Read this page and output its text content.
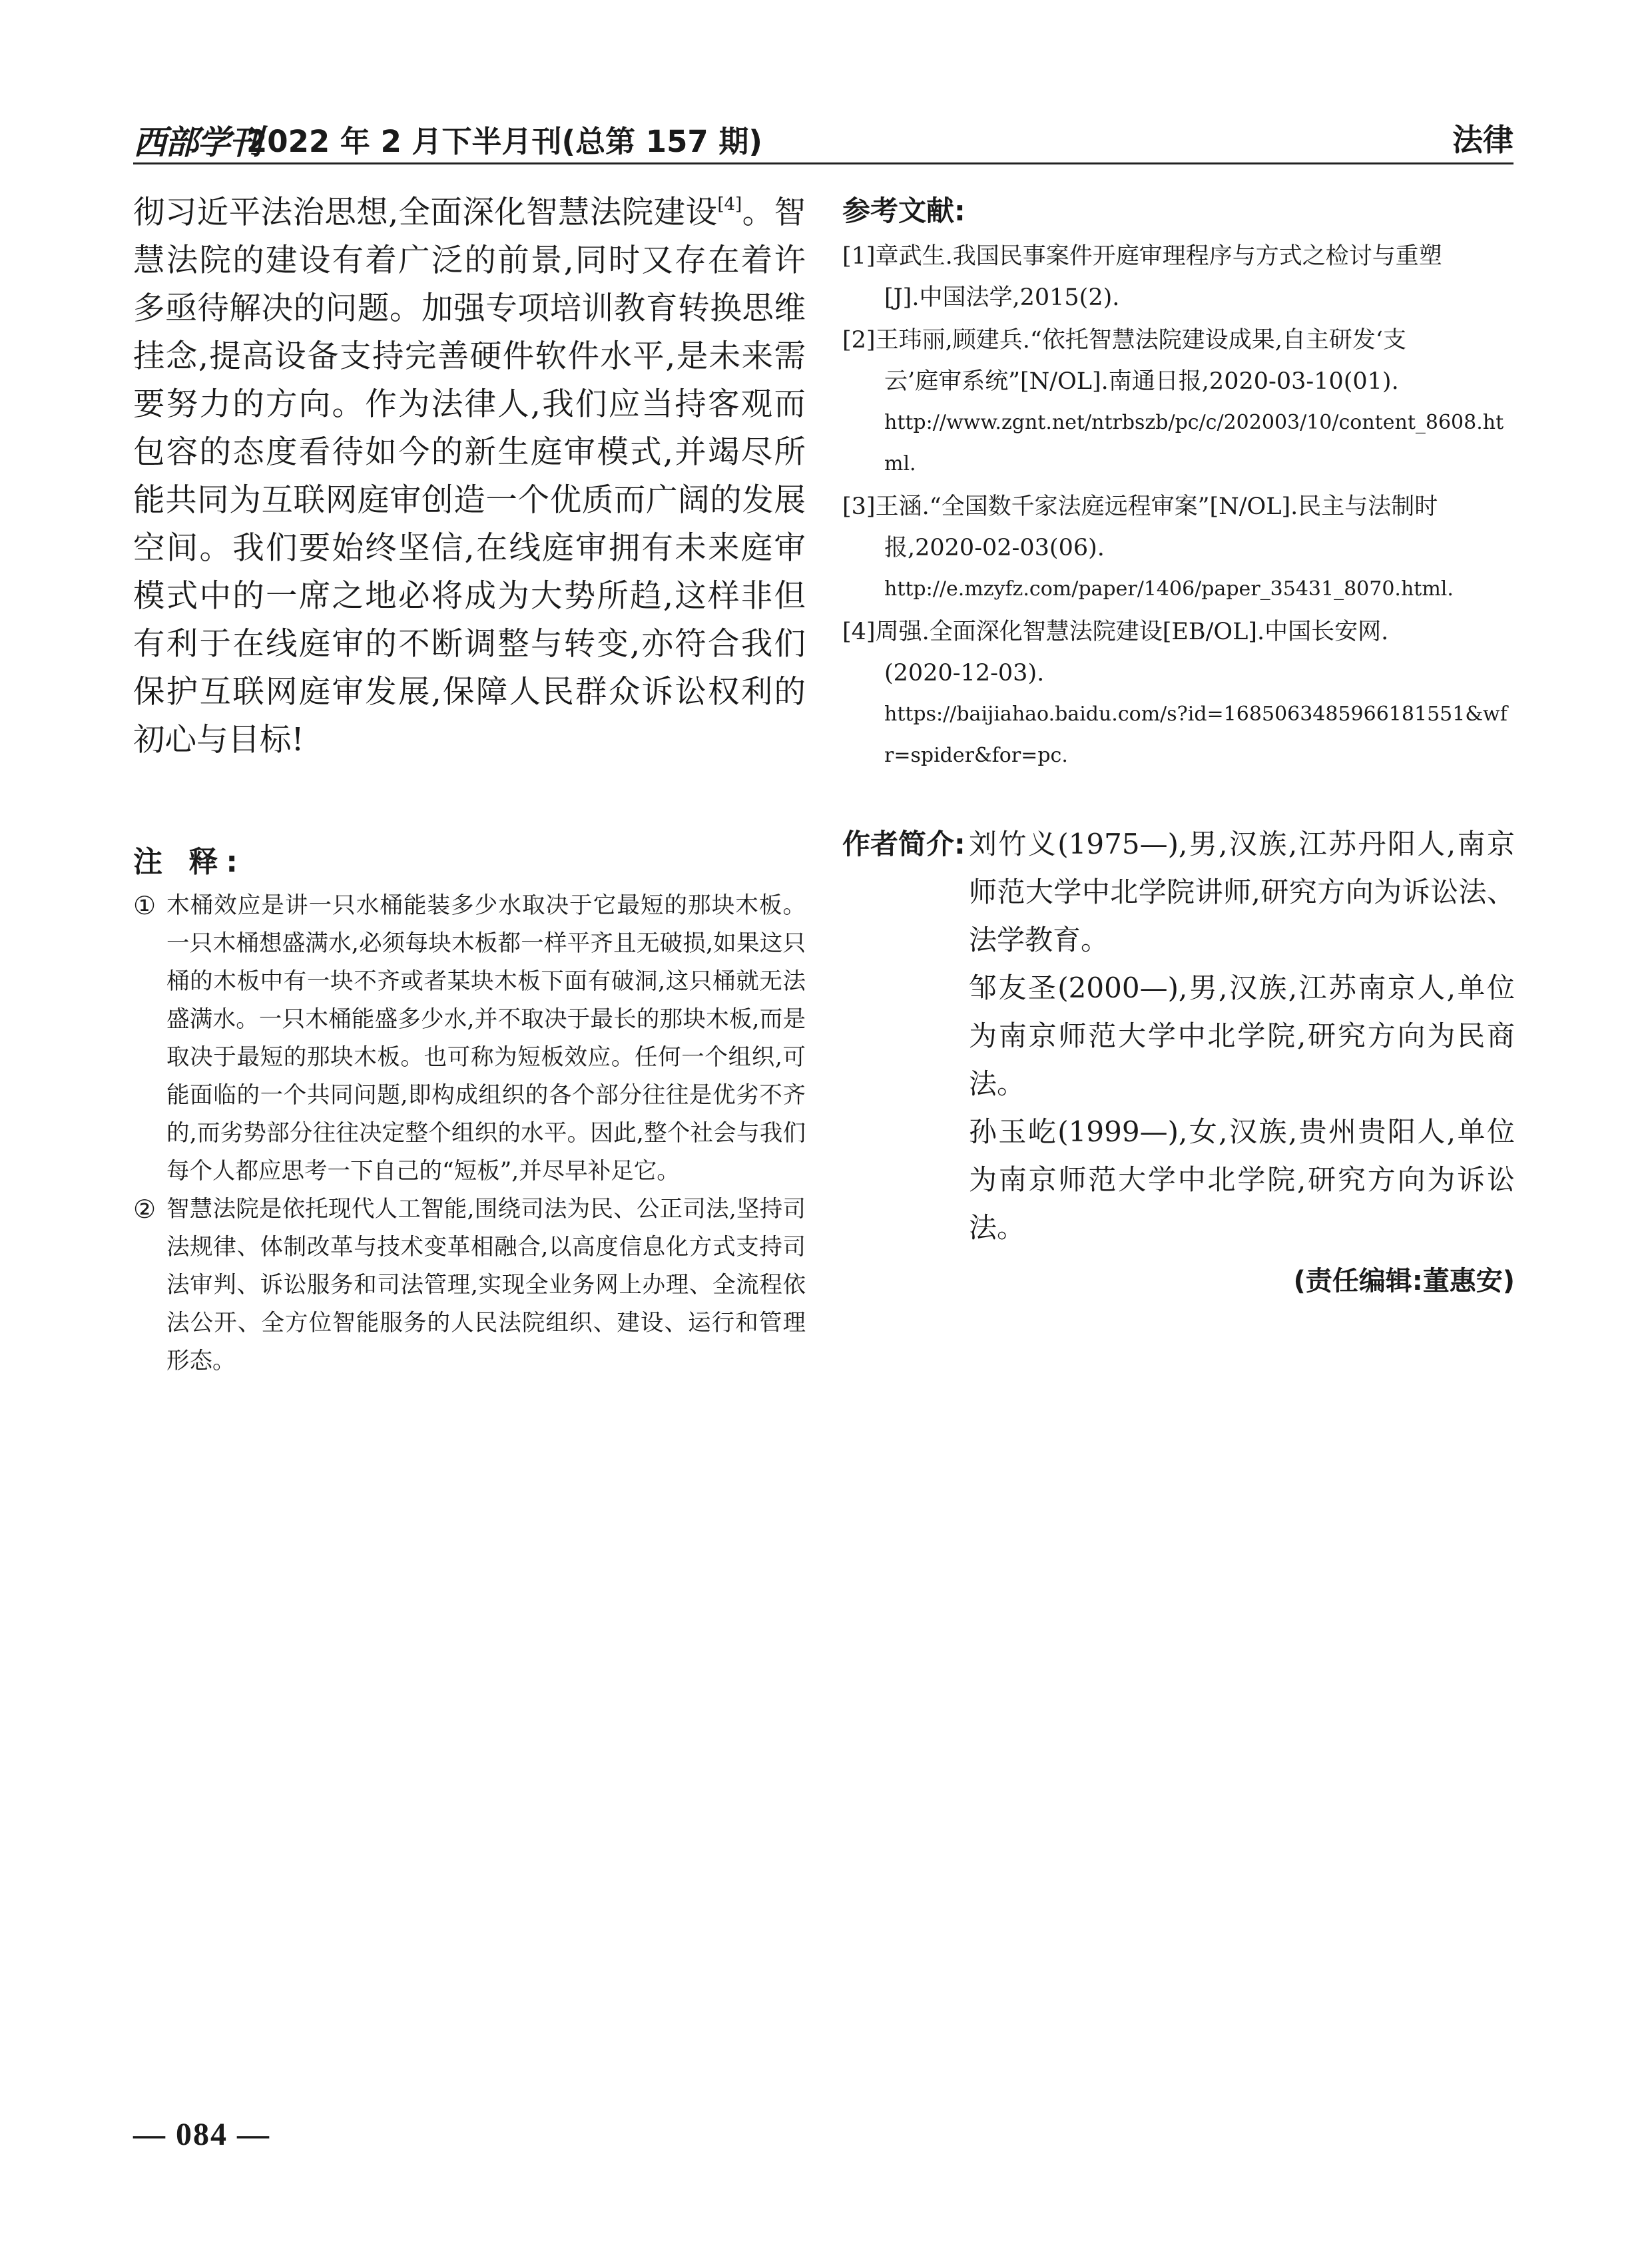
西部学刊
2022 年 2 月下半月刊(总第 157 期)	法律

彻习近平法治思想,全面深化智慧法院建设[4]。智慧法院的建设有着广泛的前景,同时又存在着许多亟待解决的问题。加强专项培训教育转换思维挂念,提高设备支持完善硬件软件水平,是未来需要努力的方向。作为法律人,我们应当持客观而包容的态度看待如今的新生庭审模式,并竭尽所能共同为互联网庭审创造一个优质而广阔的发展空间。我们要始终坚信,在线庭审拥有未来庭审模式中的一席之地必将成为大势所趋,这样非但有利于在线庭审的不断调整与转变,亦符合我们保护互联网庭审发展,保障人民群众诉讼权利的初心与目标!

注 释:

① 木桶效应是讲一只水桶能装多少水取决于它最短的那块木板。一只木桶想盛满水,必须每块木板都一样平齐且无破损,如果这只桶的木板中有一块不齐或者某块木板下面有破洞,这只桶就无法盛满水。一只木桶能盛多少水,并不取决于最长的那块木板,而是取决于最短的那块木板。也可称为短板效应。任何一个组织,可能面临的一个共同问题,即构成组织的各个部分往往是优劣不齐的,而劣势部分往往决定整个组织的水平。因此,整个社会与我们每个人都应思考一下自己的“短板”,并尽早补足它。

② 智慧法院是依托现代人工智能,围绕司法为民、公正司法,坚持司法规律、体制改革与技术变革相融合,以高度信息化方式支持司法审判、诉讼服务和司法管理,实现全业务网上办理、全流程依法公开、全方位智能服务的人民法院组织、建设、运行和管理形态。

参考文献:
[1]章武生.我国民事案件开庭审理程序与方式之检讨与重塑
[J].中国法学,2015(2).
[2]王玮丽,顾建兵.“依托智慧法院建设成果,自主研发‘支
云’庭审系统”[N/OL].南通日报,2020-03-10(01).
http://www.zgnt.net/ntrbszb/pc/c/202003/10/content_8608.html.
[3]王涵.“全国数千家法庭远程审案”[N/OL].民主与法制时
报,2020-02-03(06).
http://e.mzyfz.com/paper/1406/paper_35431_8070.html.
[4]周强.全面深化智慧法院建设[EB/OL].中国长安网.
(2020-12-03).
https://baijiahao.baidu.com/s?id=1685063485966181551&wfr=spider&for=pc.
作者简介: 刘竹义(1975—),男,汉族,江苏丹阳人,南京师范大学中北学院讲师,研究方向为诉讼法、法学教育。

邹友圣(2000—),男,汉族,江苏南京人,单位为南京师范大学中北学院,研究方向为民商法。

孙玉屹(1999—),女,汉族,贵州贵阳人,单位为南京师范大学中北学院,研究方向为诉讼法。

(责任编辑:董惠安)
— 084 —
